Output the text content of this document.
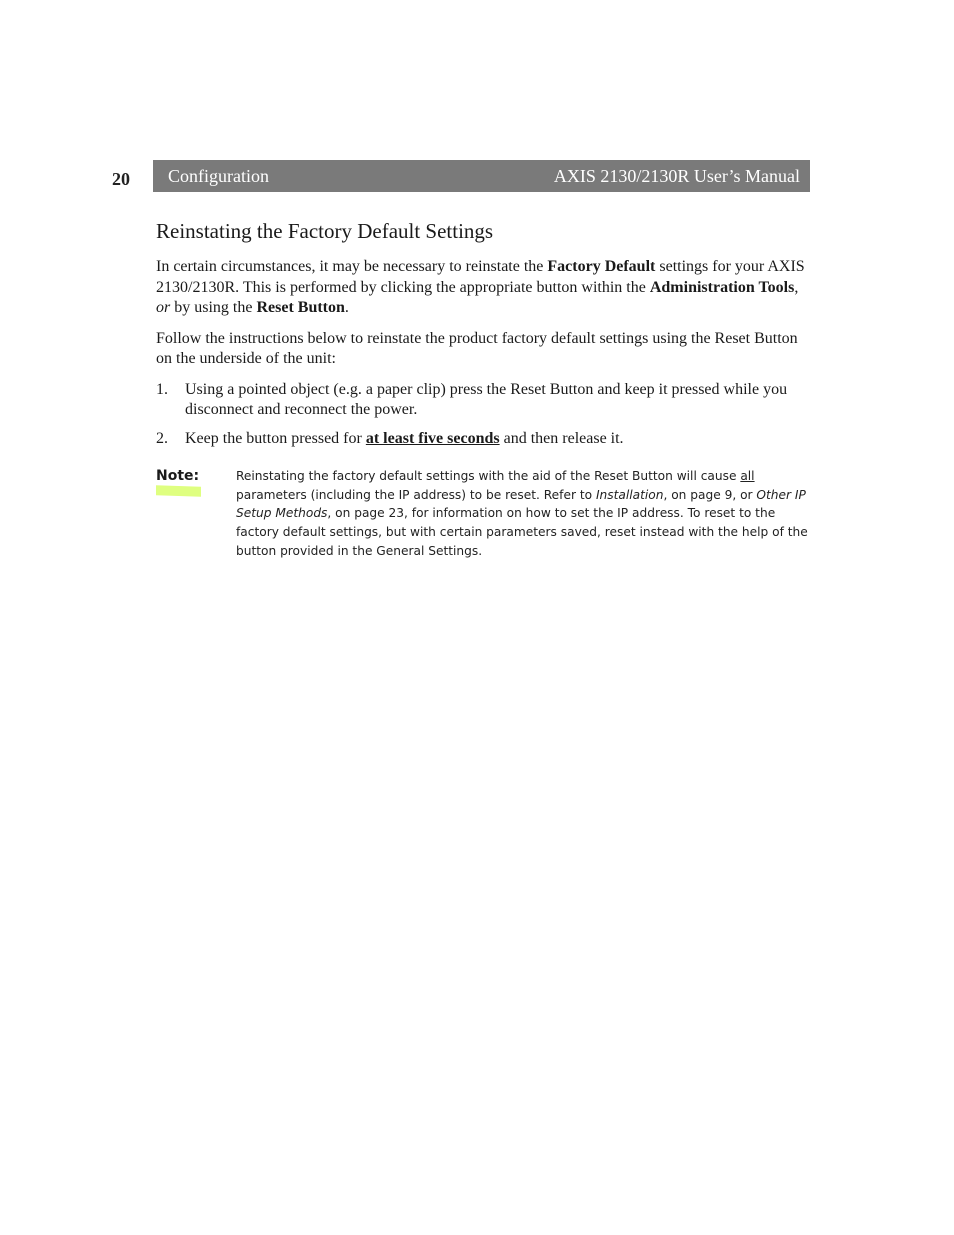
20 Configuration	AXIS 2130/2130R User’s Manual
Reinstating the Factory Default Settings

In certain circumstances, it may be necessary to reinstate the Factory Default settings for your AXIS 2130/2130R. This is performed by clicking the appropriate button within the Administration Tools, or by using the Reset Button.

Follow the instructions below to reinstate the product factory default settings using the Reset Button on the underside of the unit:

1. Using a pointed object (e.g. a paper clip) press the Reset Button and keep it pressed while you disconnect and reconnect the power.
2. Keep the button pressed for at least five seconds and then release it.
Note:	Reinstating the factory default settings with the aid of the Reset Button will cause all parameters (including the IP address) to be reset. Refer to Installation, on page 9, or Other IP Setup Methods, on page 23, for information on how to set the IP address. To reset to the factory default settings, but with certain parameters saved, reset instead with the help of the button provided in the General Settings.
